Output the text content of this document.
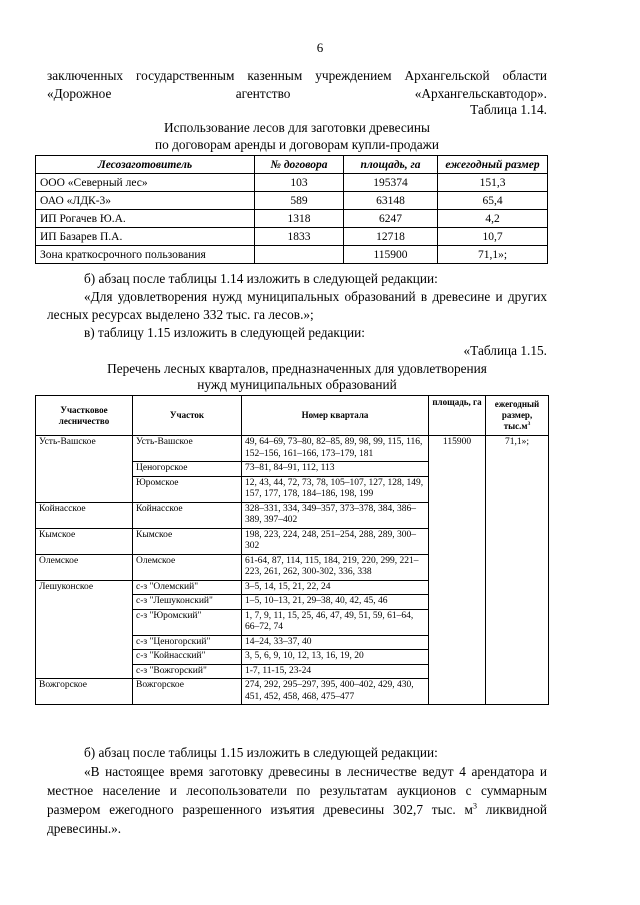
6

заключенных государственным казенным учреждением Архангельской области «Дорожное агентство «Архангельскавтодор».

Таблица 1.14.
Использование лесов для заготовки древесины
по договорам аренды и договорам купли-продажи
Лесозаготовитель	№ договора	площадь, га	ежегодный размер
ООО «Северный лес»	103	195374	151,3
ОАО «ЛДК-3»	589	63148	65,4
ИП Рогачев Ю.А.	1318	6247	4,2
ИП Базарев П.А.	1833	12718	10,7
Зона краткосрочного пользования		115900	71,1»;
б) абзац после таблицы 1.14 изложить в следующей редакции:

«Для удовлетворения нужд муниципальных образований в древесине и других лесных ресурсах выделено 332 тыс. га лесов.»;

в) таблицу 1.15 изложить в следующей редакции:
«Таблица 1.15.
Перечень лесных кварталов, предназначенных для удовлетворения
нужд муниципальных образований
Участковое лесничество	Участок	Номер квартала	площадь, га	ежегодный размер, $тыс.м^3$
Усть-Вашское	Усть-Вашское	49, 64–69, 73–80, 82–85, 89, 98, 99, 115, 116, 152–156, 161–166, 173–179, 181	115900	71,1»;
	Ценогорское	73–81, 84–91, 112, 113		
	Юромское	12, 43, 44, 72, 73, 78, 105–107, 127, 128, 149, 157, 177, 178, 184–186, 198, 199		
Койнасское	Койнасское	328–331, 334, 349–357, 373–378, 384, 386–389, 397–402		
Кымское	Кымское	198, 223, 224, 248, 251–254, 288, 289, 300–302		
Олемское	Олемское	61-64, 87, 114, 115, 184, 219, 220, 299, 221–223, 261, 262, 300-302, 336, 338		
Лешуконское	с-з "Олемский"	3–5, 14, 15, 21, 22, 24		
	с-з "Лешуконский"	1–5, 10–13, 21, 29–38, 40, 42, 45, 46		
	с-з "Юромский"	1, 7, 9, 11, 15, 25, 46, 47, 49, 51, 59, 61–64, 66–72, 74		
	с-з "Ценогорский"	14–24, 33–37, 40		
	с-з "Койнасский"	3, 5, 6, 9, 10, 12, 13, 16, 19, 20		
	с-з "Вожгорский"	1-7, 11-15, 23-24		
Вожгорское	Вожгорское	274, 292, 295–297, 395, 400–402, 429, 430, 451, 452, 458, 468, 475–477		
б) абзац после таблицы 1.15 изложить в следующей редакции:

«В настоящее время заготовку древесины в лесничестве ведут 4 арендатора и местное население и лесопользователи по результатам аукционов с суммарным размером ежегодного разрешенного изъятия древесины 302,7 тыс. $м^3$ ликвидной древесины.».
